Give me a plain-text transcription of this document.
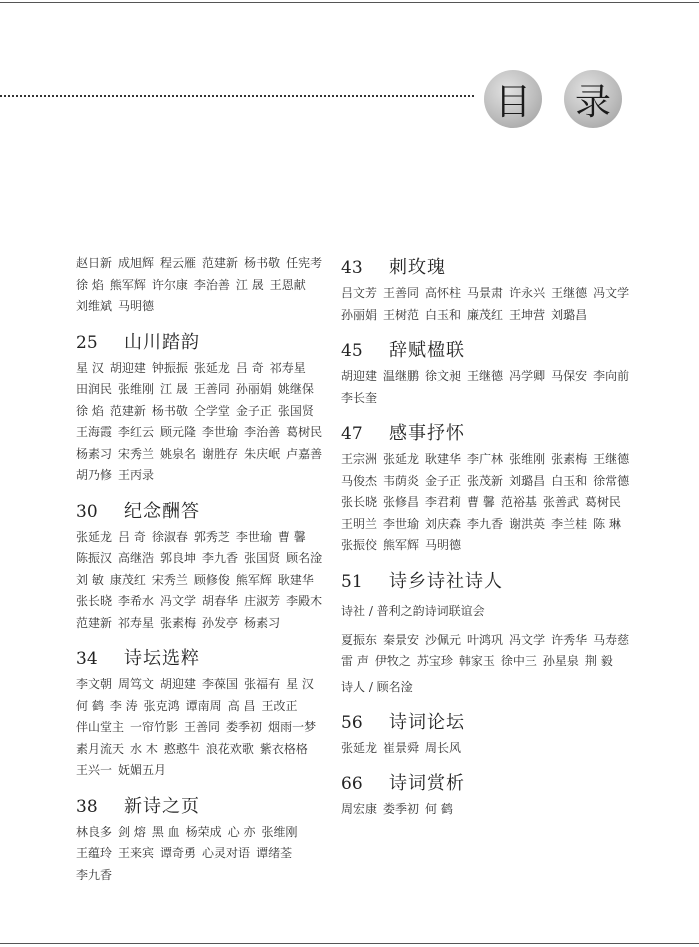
目 录
赵日新 成旭辉 程云雁 范建新 杨书敬 任宪考徐 焰 熊军辉 许尔康 李治善 江 晟 王恩献刘维斌 马明德
25	山川踏韵
星 汉 胡迎建 钟振振 张延龙 吕 奇 祁寿星田润民 张维刚 江 晟 王善同 孙丽娟 姚继保徐 焰 范建新 杨书敬 仝学堂 金子正 张国贤王海霞 李红云 顾元隆 李世瑜 李治善 葛树民杨素习 宋秀兰 姚泉名 谢胜存 朱庆岷 卢嘉善胡乃修 王丙录
30	纪念酬答
张延龙 吕 奇 徐淑春 郭秀芝 李世瑜 曹 馨陈振汉 高继浩 郭良坤 李九香 张国贤 顾名淦刘 敏 康茂红 宋秀兰 顾修俊 熊军辉 耿建华张长晓 李希水 冯文学 胡春华 庄淑芳 李殿木范建新 祁寿星 张素梅 孙发亭 杨素习
34	诗坛选粹
李文朝 周笃文 胡迎建 李葆国 张福有 星 汉何 鹤 李 涛 张克鸿 谭南周 高 昌 王改正伴山堂主 一帘竹影 王善同 娄季初 烟雨一梦素月流天 水 木 憨憨牛 浪花欢歌 紫衣格格王兴一 妩媚五月
38	新诗之页
林良多 剑 熔 黑 血 杨荣成 心 亦 张维刚王蕴玲 王来宾 谭奇勇 心灵对语 谭绪荃李九香
43	刺玫瑰
吕文芳 王善同 高怀柱 马景肃 许永兴 王继德 冯文学孙丽娟 王树范 白玉和 廉茂红 王坤营 刘璐昌
45	辞赋楹联
胡迎建 温继鹏 徐文昶 王继德 冯学卿 马保安 李向前李长奎
47	感事抒怀
王宗洲 张延龙 耿建华 李广林 张维刚 张素梅 王继德马俊杰 韦荫炎 金子正 张茂新 刘璐昌 白玉和 徐常德张长晓 张修昌 李君莉 曹 馨 范裕基 张善武 葛树民王明兰 李世瑜 刘庆森 李九香 谢洪英 李兰桂 陈 琳张振佼 熊军辉 马明德
51	诗乡诗社诗人
诗社 / 普利之韵诗词联谊会
夏振东 秦景安 沙佩元 叶鸿巩 冯文学 许秀华 马寿慈雷 声 伊牧之 苏宝珍 韩家玉 徐中三 孙星泉 荆 毅
诗人 / 顾名淦
56	诗词论坛
张延龙 崔景舜 周长风
66	诗词赏析
周宏康 娄季初 何 鹤
